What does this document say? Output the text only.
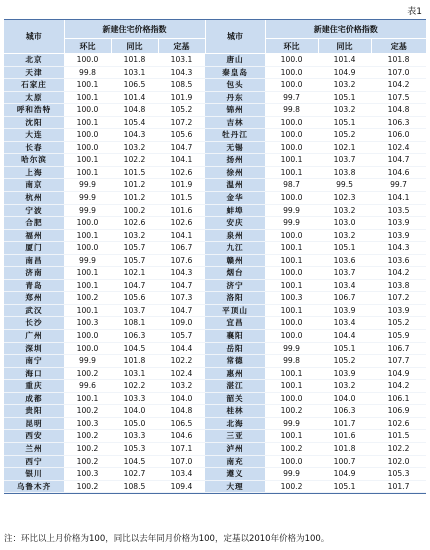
表1
城市	新建住宅价格指数			城市	新建住宅价格指数		
	环比	同比	定基		环比	同比	定基
北京	100.0	101.8	103.1	唐山	100.0	101.4	101.8
天津	99.8	103.1	104.3	秦皇岛	100.0	104.9	107.0
石家庄	100.1	106.5	108.5	包头	100.0	103.2	104.2
太原	100.1	101.4	101.9	丹东	99.7	105.1	107.5
呼和浩特	100.0	104.8	105.2	锦州	99.8	103.2	104.8
沈阳	100.1	105.4	107.2	吉林	100.0	105.1	106.3
大连	100.0	104.3	105.6	牡丹江	100.0	105.2	106.0
长春	100.0	103.2	104.7	无锡	100.0	102.1	102.4
哈尔滨	100.1	102.2	104.1	扬州	100.1	103.7	104.7
上海	100.1	101.5	102.6	徐州	100.1	103.8	104.6
南京	99.9	101.2	101.9	温州	98.7	99.5	99.7
杭州	99.9	101.2	101.5	金华	100.0	102.3	104.1
宁波	99.9	100.2	101.6	蚌埠	99.9	103.2	103.5
合肥	100.0	102.6	102.6	安庆	99.9	103.0	103.9
福州	100.1	103.2	104.1	泉州	100.0	103.2	103.9
厦门	100.0	105.7	106.7	九江	100.1	105.1	104.3
南昌	99.9	105.7	107.6	赣州	100.1	103.6	103.6
济南	100.1	102.1	104.3	烟台	100.0	103.7	104.2
青岛	100.1	104.7	104.7	济宁	100.1	103.4	103.8
郑州	100.2	105.6	107.3	洛阳	100.3	106.7	107.2
武汉	100.1	103.7	104.7	平顶山	100.1	103.9	103.9
长沙	100.3	108.1	109.0	宜昌	100.0	103.4	105.2
广州	100.0	106.3	105.7	襄阳	100.0	104.4	105.9
深圳	100.0	104.5	104.4	岳阳	99.9	105.1	106.7
南宁	99.9	101.8	102.2	常德	99.8	105.2	107.7
海口	100.2	103.1	102.4	惠州	100.1	103.9	104.9
重庆	99.6	102.2	103.2	湛江	100.1	103.2	104.2
成都	100.1	103.3	104.0	韶关	100.0	104.0	106.1
贵阳	100.2	104.0	104.8	桂林	100.2	106.3	106.9
昆明	100.3	105.0	106.5	北海	99.9	101.7	102.6
西安	100.2	103.3	104.6	三亚	100.1	101.6	101.5
兰州	100.2	105.3	107.1	泸州	100.2	101.8	102.2
西宁	100.2	104.5	107.0	南充	100.0	100.7	102.0
银川	100.3	102.7	103.4	遵义	99.9	104.9	105.3
乌鲁木齐	100.2	108.5	109.4	大理	100.2	105.1	101.7
注：环比以上月价格为100，同比以去年同月价格为100，定基以2010年价格为100。
